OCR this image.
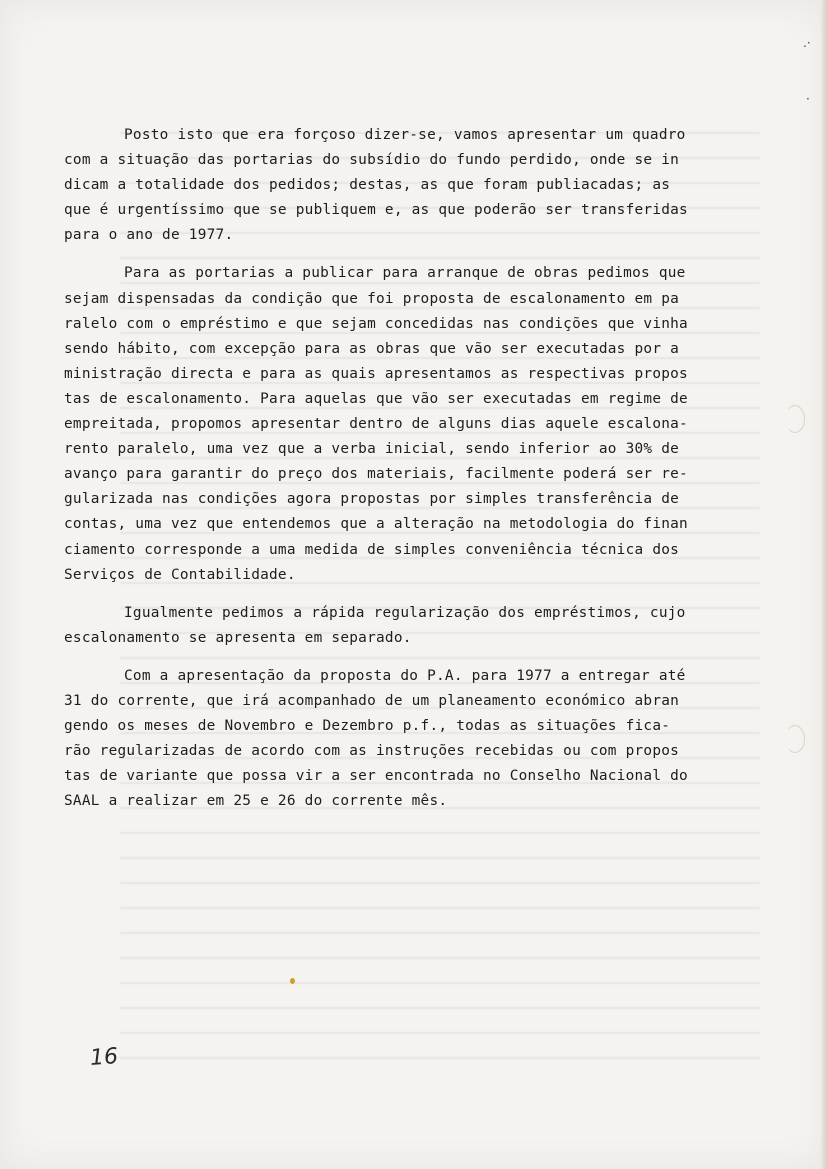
.·
·
Posto isto que era forçoso dizer-se, vamos apresentar um quadro
com a situação das portarias do subsídio do fundo perdido, onde se in
dicam a totalidade dos pedidos; destas, as que foram publiacadas; as
que é urgentíssimo que se publiquem e, as que poderão ser transferidas
para o ano de 1977.
Para as portarias a publicar para arranque de obras pedimos que
sejam dispensadas da condição que foi proposta de escalonamento em pa
ralelo com o empréstimo e que sejam concedidas nas condições que vinha
sendo hábito, com excepção para as obras que vão ser executadas por a
ministração directa e para as quais apresentamos as respectivas propos
tas de escalonamento. Para aquelas que vão ser executadas em regime de
empreitada, propomos apresentar dentro de alguns dias aquele escalona-
rento paralelo, uma vez que a verba inicial, sendo inferior ao 30% de
avanço para garantir do preço dos materiais, facilmente poderá ser re-
gularizada nas condições agora propostas por simples transferência de
contas, uma vez que entendemos que a alteração na metodologia do finan
ciamento corresponde a uma medida de simples conveniência técnica dos
Serviços de Contabilidade.
Igualmente pedimos a rápida regularização dos empréstimos, cujo
escalonamento se apresenta em separado.
Com a apresentação da proposta do P.A. para 1977 a entregar até
31 do corrente, que irá acompanhado de um planeamento económico abran
gendo os meses de Novembro e Dezembro p.f., todas as situações fica-
rão regularizadas de acordo com as instruções recebidas ou com propos
tas de variante que possa vir a ser encontrada no Conselho Nacional do
SAAL a realizar em 25 e 26 do corrente mês.
16
